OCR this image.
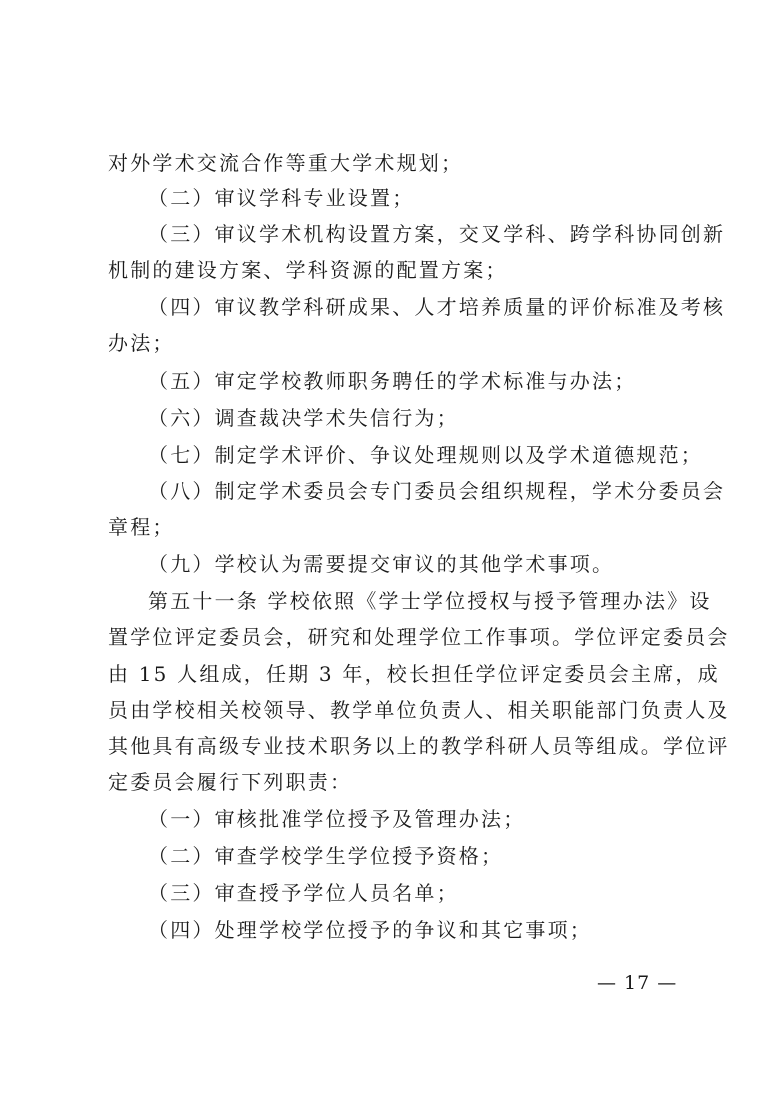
对外学术交流合作等重大学术规划；
（二）审议学科专业设置；
（三）审议学术机构设置方案，交叉学科、跨学科协同创新
机制的建设方案、学科资源的配置方案；
（四）审议教学科研成果、人才培养质量的评价标准及考核
办法；
（五）审定学校教师职务聘任的学术标准与办法；
（六）调查裁决学术失信行为；
（七）制定学术评价、争议处理规则以及学术道德规范；
（八）制定学术委员会专门委员会组织规程，学术分委员会
章程；
（九）学校认为需要提交审议的其他学术事项。
第五十一条 学校依照《学士学位授权与授予管理办法》设
置学位评定委员会，研究和处理学位工作事项。学位评定委员会
由 15 人组成，任期 3 年，校长担任学位评定委员会主席，成
员由学校相关校领导、教学单位负责人、相关职能部门负责人及
其他具有高级专业技术职务以上的教学科研人员等组成。学位评
定委员会履行下列职责：
（一）审核批准学位授予及管理办法；
（二）审查学校学生学位授予资格；
（三）审查授予学位人员名单；
（四）处理学校学位授予的争议和其它事项；
— 17 —
